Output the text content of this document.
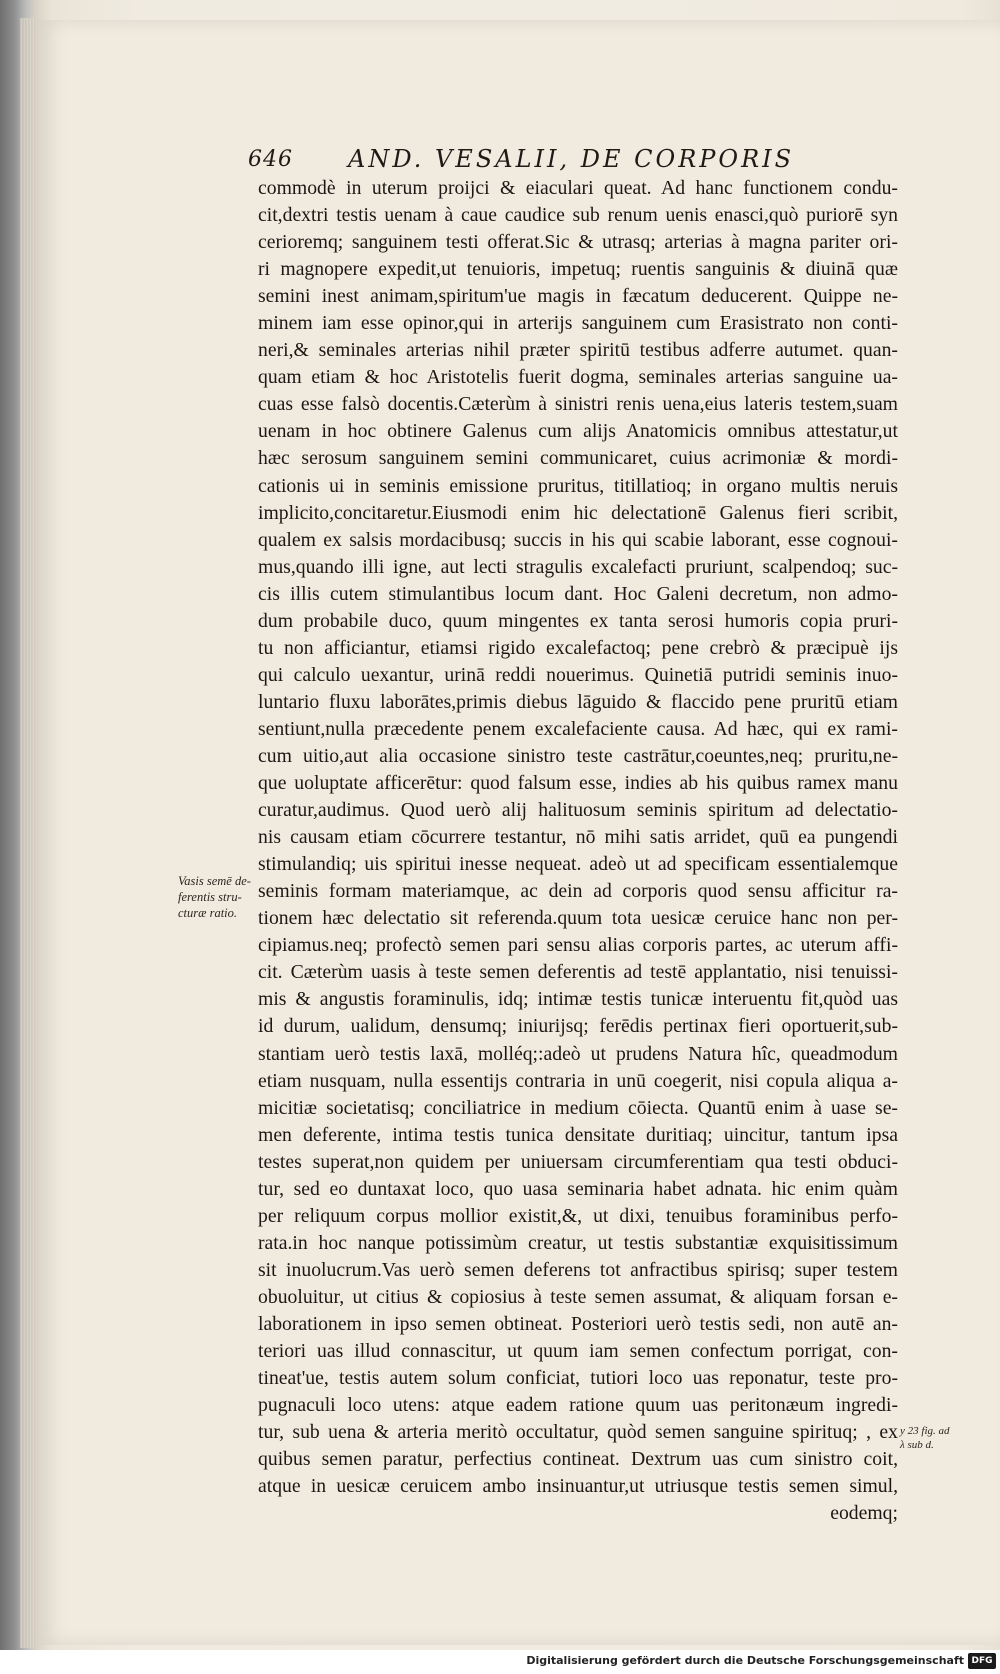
646 AND. VESALII, DE CORPORIS
commodè in uterum proijci & eiaculari queat. Ad hanc functionem condu-
cit,dextri testis uenam à caue caudice sub renum uenis enasci,quò puriorē syn
cerioremq; sanguinem testi offerat.Sic & utrasq; arterias à magna pariter ori-
ri magnopere expedit,ut tenuioris, impetuq; ruentis sanguinis & diuinā quæ
semini inest animam,spiritum'ue magis in fæcatum deducerent. Quippe ne-
minem iam esse opinor,qui in arterijs sanguinem cum Erasistrato non conti-
neri,& seminales arterias nihil præter spiritū testibus adferre autumet. quan-
quam etiam & hoc Aristotelis fuerit dogma, seminales arterias sanguine ua-
cuas esse falsò docentis.Cæterùm à sinistri renis uena,eius lateris testem,suam
uenam in hoc obtinere Galenus cum alijs Anatomicis omnibus attestatur,ut
hæc serosum sanguinem semini communicaret, cuius acrimoniæ & mordi-
cationis ui in seminis emissione pruritus, titillatioq; in organo multis neruis
implicito,concitaretur.Eiusmodi enim hic delectationē Galenus fieri scribit,
qualem ex salsis mordacibusq; succis in his qui scabie laborant, esse cognoui-
mus,quando illi igne, aut lecti stragulis excalefacti pruriunt, scalpendoq; suc-
cis illis cutem stimulantibus locum dant. Hoc Galeni decretum, non admo-
dum probabile duco, quum mingentes ex tanta serosi humoris copia pruri-
tu non afficiantur, etiamsi rigido excalefactoq; pene crebrò & præcipuè ijs
qui calculo uexantur, urinā reddi nouerimus. Quinetiā putridi seminis inuo-
luntario fluxu laborātes,primis diebus lāguido & flaccido pene pruritū etiam
sentiunt,nulla præcedente penem excalefaciente causa. Ad hæc, qui ex rami-
cum uitio,aut alia occasione sinistro teste castrātur,coeuntes,neq; pruritu,ne-
que uoluptate afficerētur: quod falsum esse, indies ab his quibus ramex manu
curatur,audimus. Quod uerò alij halituosum seminis spiritum ad delectatio-
nis causam etiam cōcurrere testantur, nō mihi satis arridet, quū ea pungendi
stimulandiq; uis spiritui inesse nequeat. adeò ut ad specificam essentialemque
seminis formam materiamque, ac dein ad corporis quod sensu afficitur ra-
tionem hæc delectatio sit referenda.quum tota uesicæ ceruice hanc non per-
cipiamus.neq; profectò semen pari sensu alias corporis partes, ac uterum affi-
cit. Cæterùm uasis à teste semen deferentis ad testē applantatio, nisi tenuissi-
mis & angustis foraminulis, idq; intimæ testis tunicæ interuentu fit,quòd uas
id durum, ualidum, densumq; iniurijsq; ferēdis pertinax fieri oportuerit,sub-
stantiam uerò testis laxā, molléq;:adeò ut prudens Natura hîc, queadmodum
etiam nusquam, nulla essentijs contraria in unū coegerit, nisi copula aliqua a-
micitiæ societatisq; conciliatrice in medium cōiecta. Quantū enim à uase se-
men deferente, intima testis tunica densitate duritiaq; uincitur, tantum ipsa
testes superat,non quidem per uniuersam circumferentiam qua testi obduci-
tur, sed eo duntaxat loco, quo uasa seminaria habet adnata. hic enim quàm
per reliquum corpus mollior existit,&, ut dixi, tenuibus foraminibus perfo-
rata.in hoc nanque potissimùm creatur, ut testis substantiæ exquisitissimum
sit inuolucrum.Vas uerò semen deferens tot anfractibus spirisq; super testem
obuoluitur, ut citius & copiosius à teste semen assumat, & aliquam forsan e-
laborationem in ipso semen obtineat. Posteriori uerò testis sedi, non autē an-
teriori uas illud connascitur, ut quum iam semen confectum porrigat, con-
tineat'ue, testis autem solum conficiat, tutiori loco uas reponatur, teste pro-
pugnaculi loco utens: atque eadem ratione quum uas peritonæum ingredi-
tur, sub uena & arteria meritò occultatur, quòd semen sanguine spirituq; , ex
quibus semen paratur, perfectius contineat. Dextrum uas cum sinistro coit,
atque in uesicæ ceruicem ambo insinuantur,ut utriusque testis semen simul,
eodemq;
Vasis semē de-
ferentis stru-
cturæ ratio.
y 23 fig. ad
λ sub d.
Digitalisierung gefördert durch die Deutsche Forschungsgemeinschaft DFG
